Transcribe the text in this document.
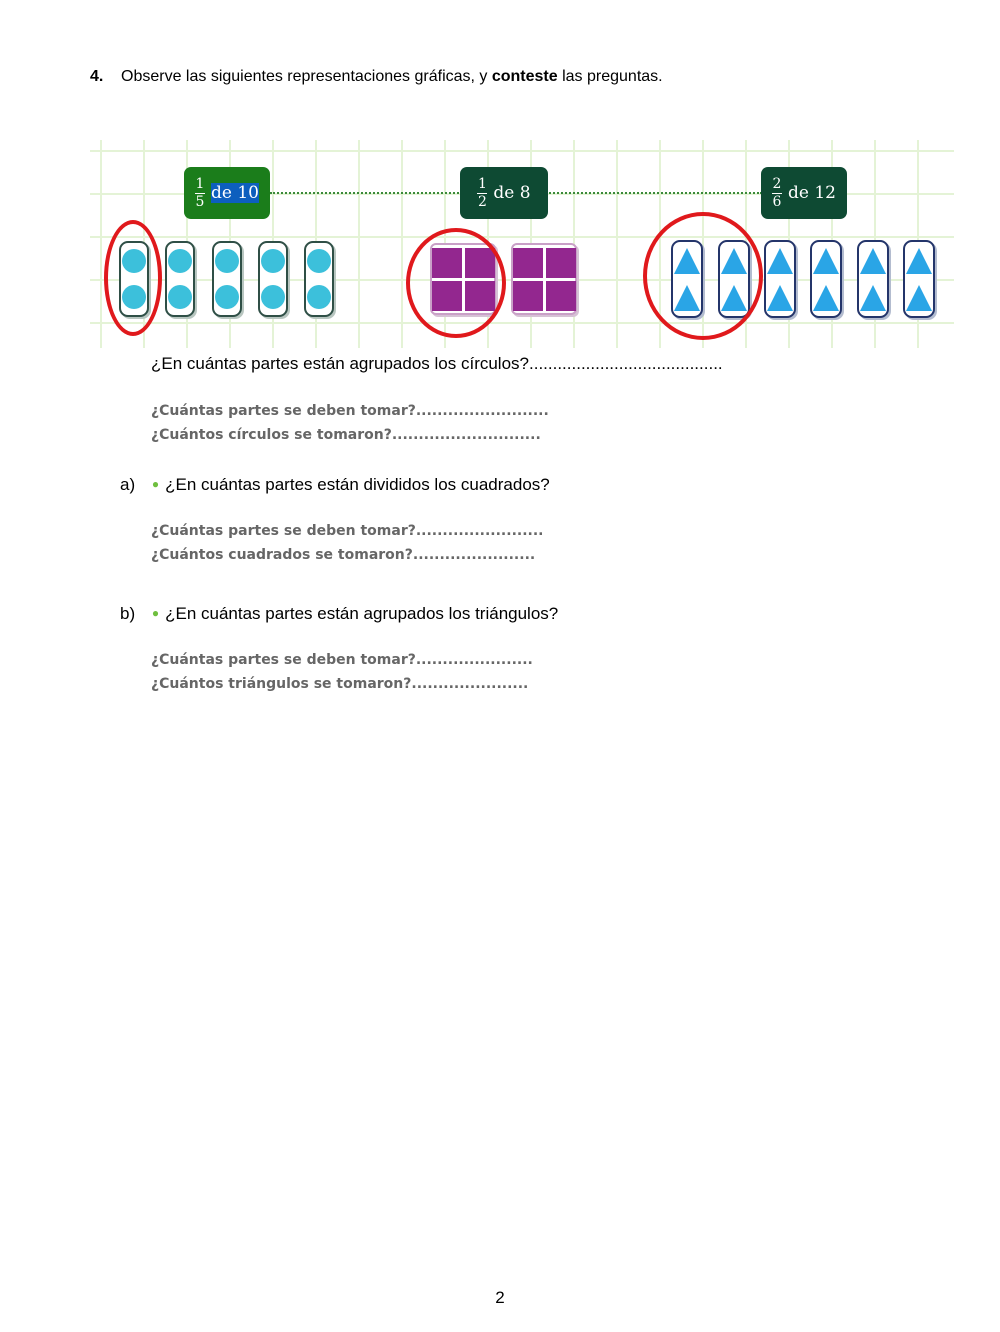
4. Observe las siguientes representaciones gráficas, y conteste las preguntas.
$\frac{1}{5}$ de 10	$\frac{1}{2}$ de 8	$\frac{2}{6}$ de 12
¿En cuántas partes están agrupados los círculos?.........................................
¿Cuántas partes se deben tomar?.........................
¿Cuántos círculos se tomaron?............................
a) ● ¿En cuántas partes están divididos los cuadrados?
¿Cuántas partes se deben tomar?........................
¿Cuántos cuadrados se tomaron?.......................
b) ● ¿En cuántas partes están agrupados los triángulos?
¿Cuántas partes se deben tomar?......................
¿Cuántos triángulos se tomaron?......................
2
